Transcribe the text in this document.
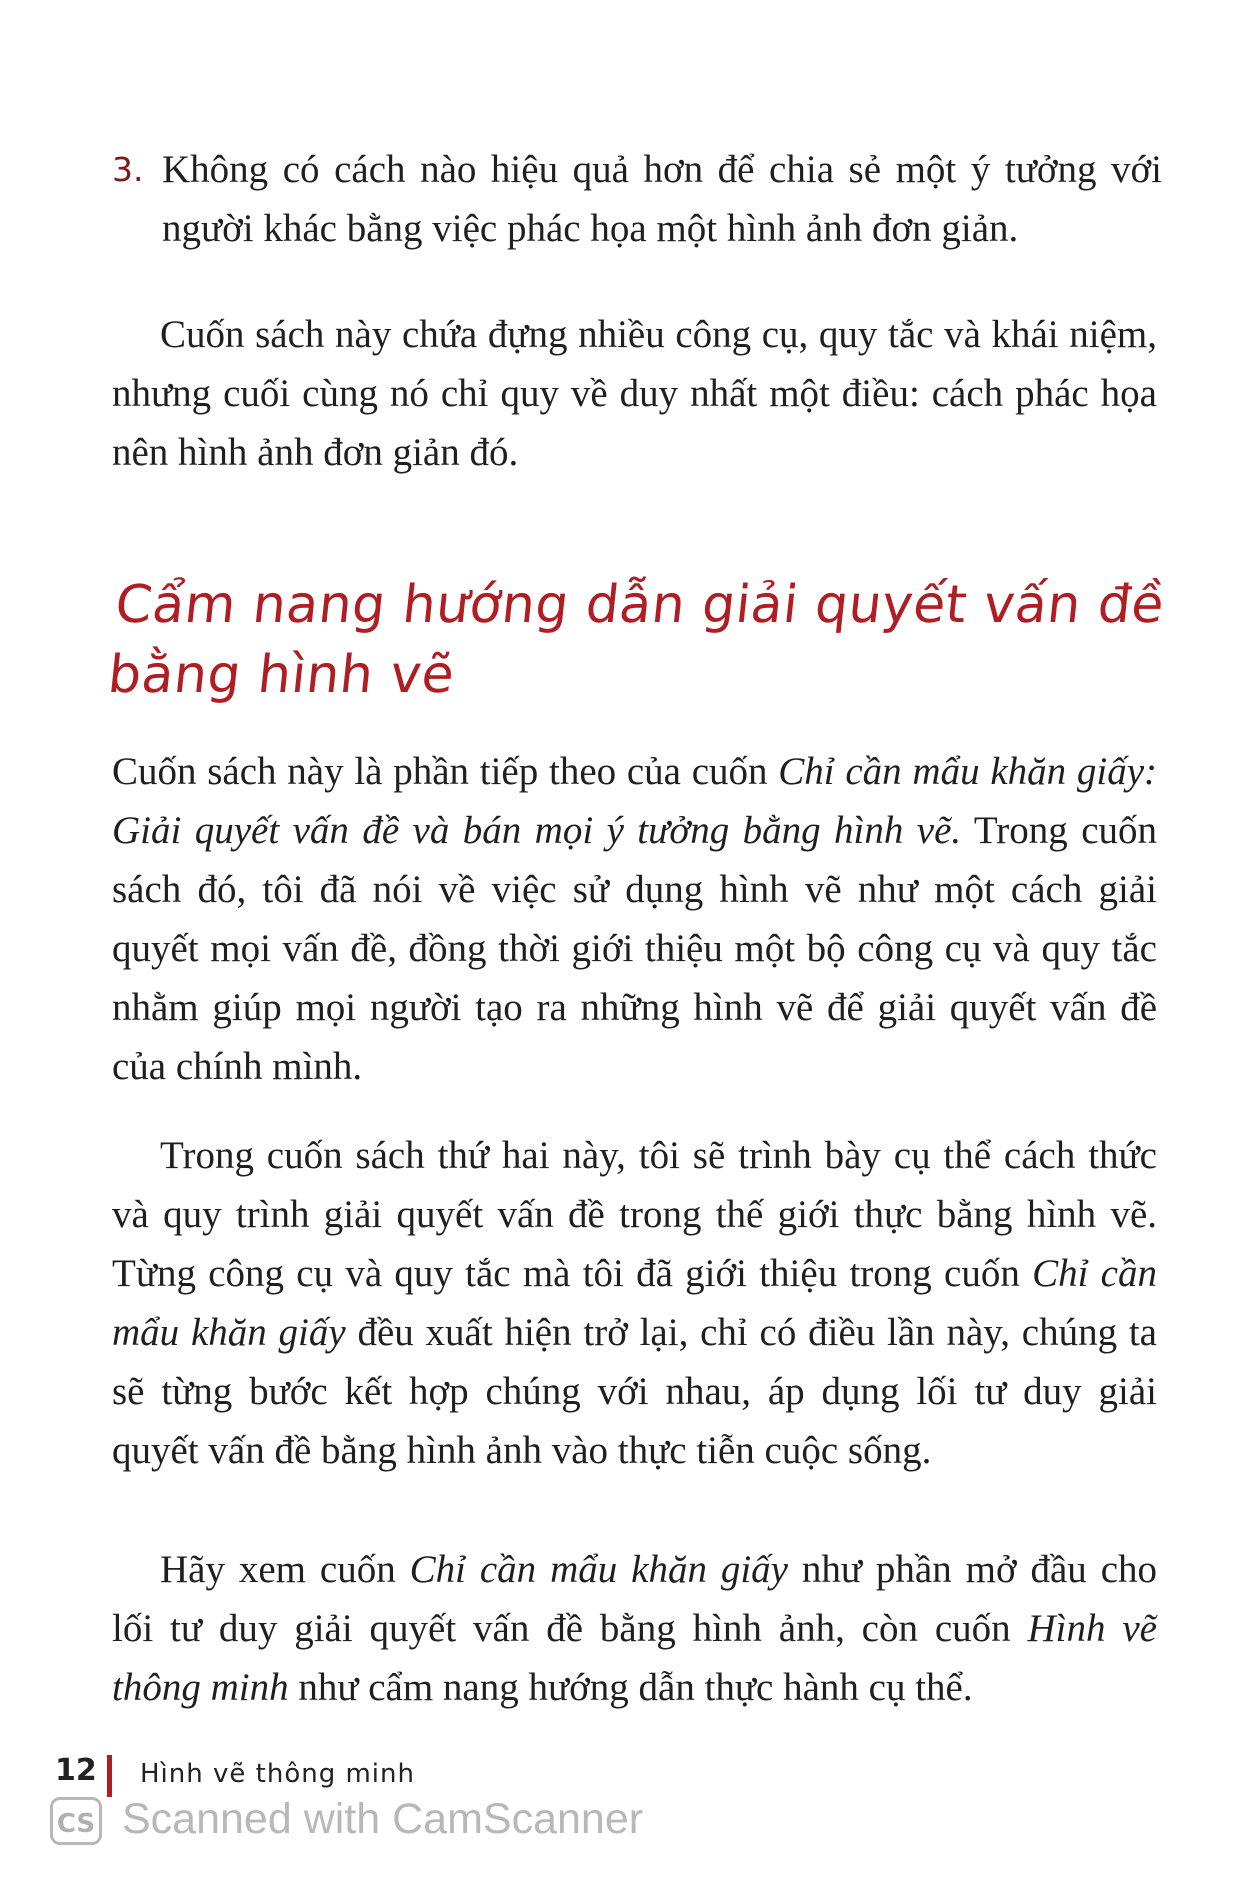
3. Không có cách nào hiệu quả hơn để chia sẻ một ý tưởng với người khác bằng việc phác họa một hình ảnh đơn giản.
Cuốn sách này chứa đựng nhiều công cụ, quy tắc và khái niệm, nhưng cuối cùng nó chỉ quy về duy nhất một điều: cách phác họa nên hình ảnh đơn giản đó.
Cẩm nang hướng dẫn giải quyết vấn đề bằng hình vẽ
Cuốn sách này là phần tiếp theo của cuốn Chỉ cần mẩu khăn giấy: Giải quyết vấn đề và bán mọi ý tưởng bằng hình vẽ. Trong cuốn sách đó, tôi đã nói về việc sử dụng hình vẽ như một cách giải quyết mọi vấn đề, đồng thời giới thiệu một bộ công cụ và quy tắc nhằm giúp mọi người tạo ra những hình vẽ để giải quyết vấn đề của chính mình.
Trong cuốn sách thứ hai này, tôi sẽ trình bày cụ thể cách thức và quy trình giải quyết vấn đề trong thế giới thực bằng hình vẽ. Từng công cụ và quy tắc mà tôi đã giới thiệu trong cuốn Chỉ cần mẩu khăn giấy đều xuất hiện trở lại, chỉ có điều lần này, chúng ta sẽ từng bước kết hợp chúng với nhau, áp dụng lối tư duy giải quyết vấn đề bằng hình ảnh vào thực tiễn cuộc sống.
Hãy xem cuốn Chỉ cần mẩu khăn giấy như phần mở đầu cho lối tư duy giải quyết vấn đề bằng hình ảnh, còn cuốn Hình vẽ thông minh như cẩm nang hướng dẫn thực hành cụ thể.
12 Hình vẽ thông minh
CS Scanned with CamScanner
